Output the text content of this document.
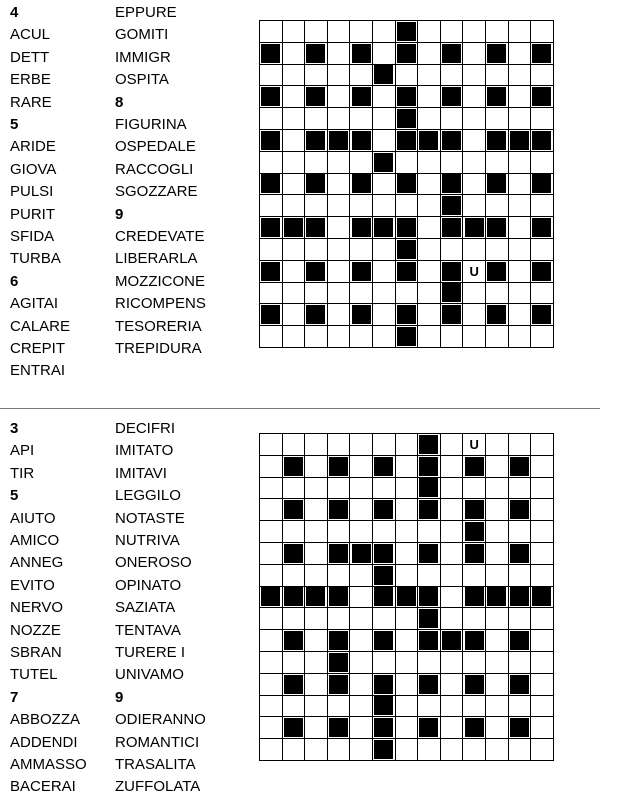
4
ACUL
DETT
ERBE
RARE
5
ARIDE
GIOVA
PULSI
PURIT
SFIDA
TURBA
6
AGITAI
CALARE
CREPIT
ENTRAI
EPPURE
GOMITI
IMMIGR
OSPITA
8
FIGURINA
OSPEDALE
RACCOGLI
SGOZZARE
9
CREDEVATE
LIBERARLA
MOZZICONE
RICOMPENS
TESORERIA
TREPIDURA

	U	

3
API
TIR
5
AIUTO
AMICO
ANNEG
EVITO
NERVO
NOZZE
SBRAN
TUTEL
7
ABBOZZA
ADDENDI
AMMASSO
BACERAI
DECIFRI
IMITATO
IMITAVI
LEGGILO
NOTASTE
NUTRIVA
ONEROSO
OPINATO
SAZIATA
TENTAVA
TURERE I
UNIVAMO
9
ODIERANNO
ROMANTICI
TRASALITA
ZUFFOLATA

		U			
